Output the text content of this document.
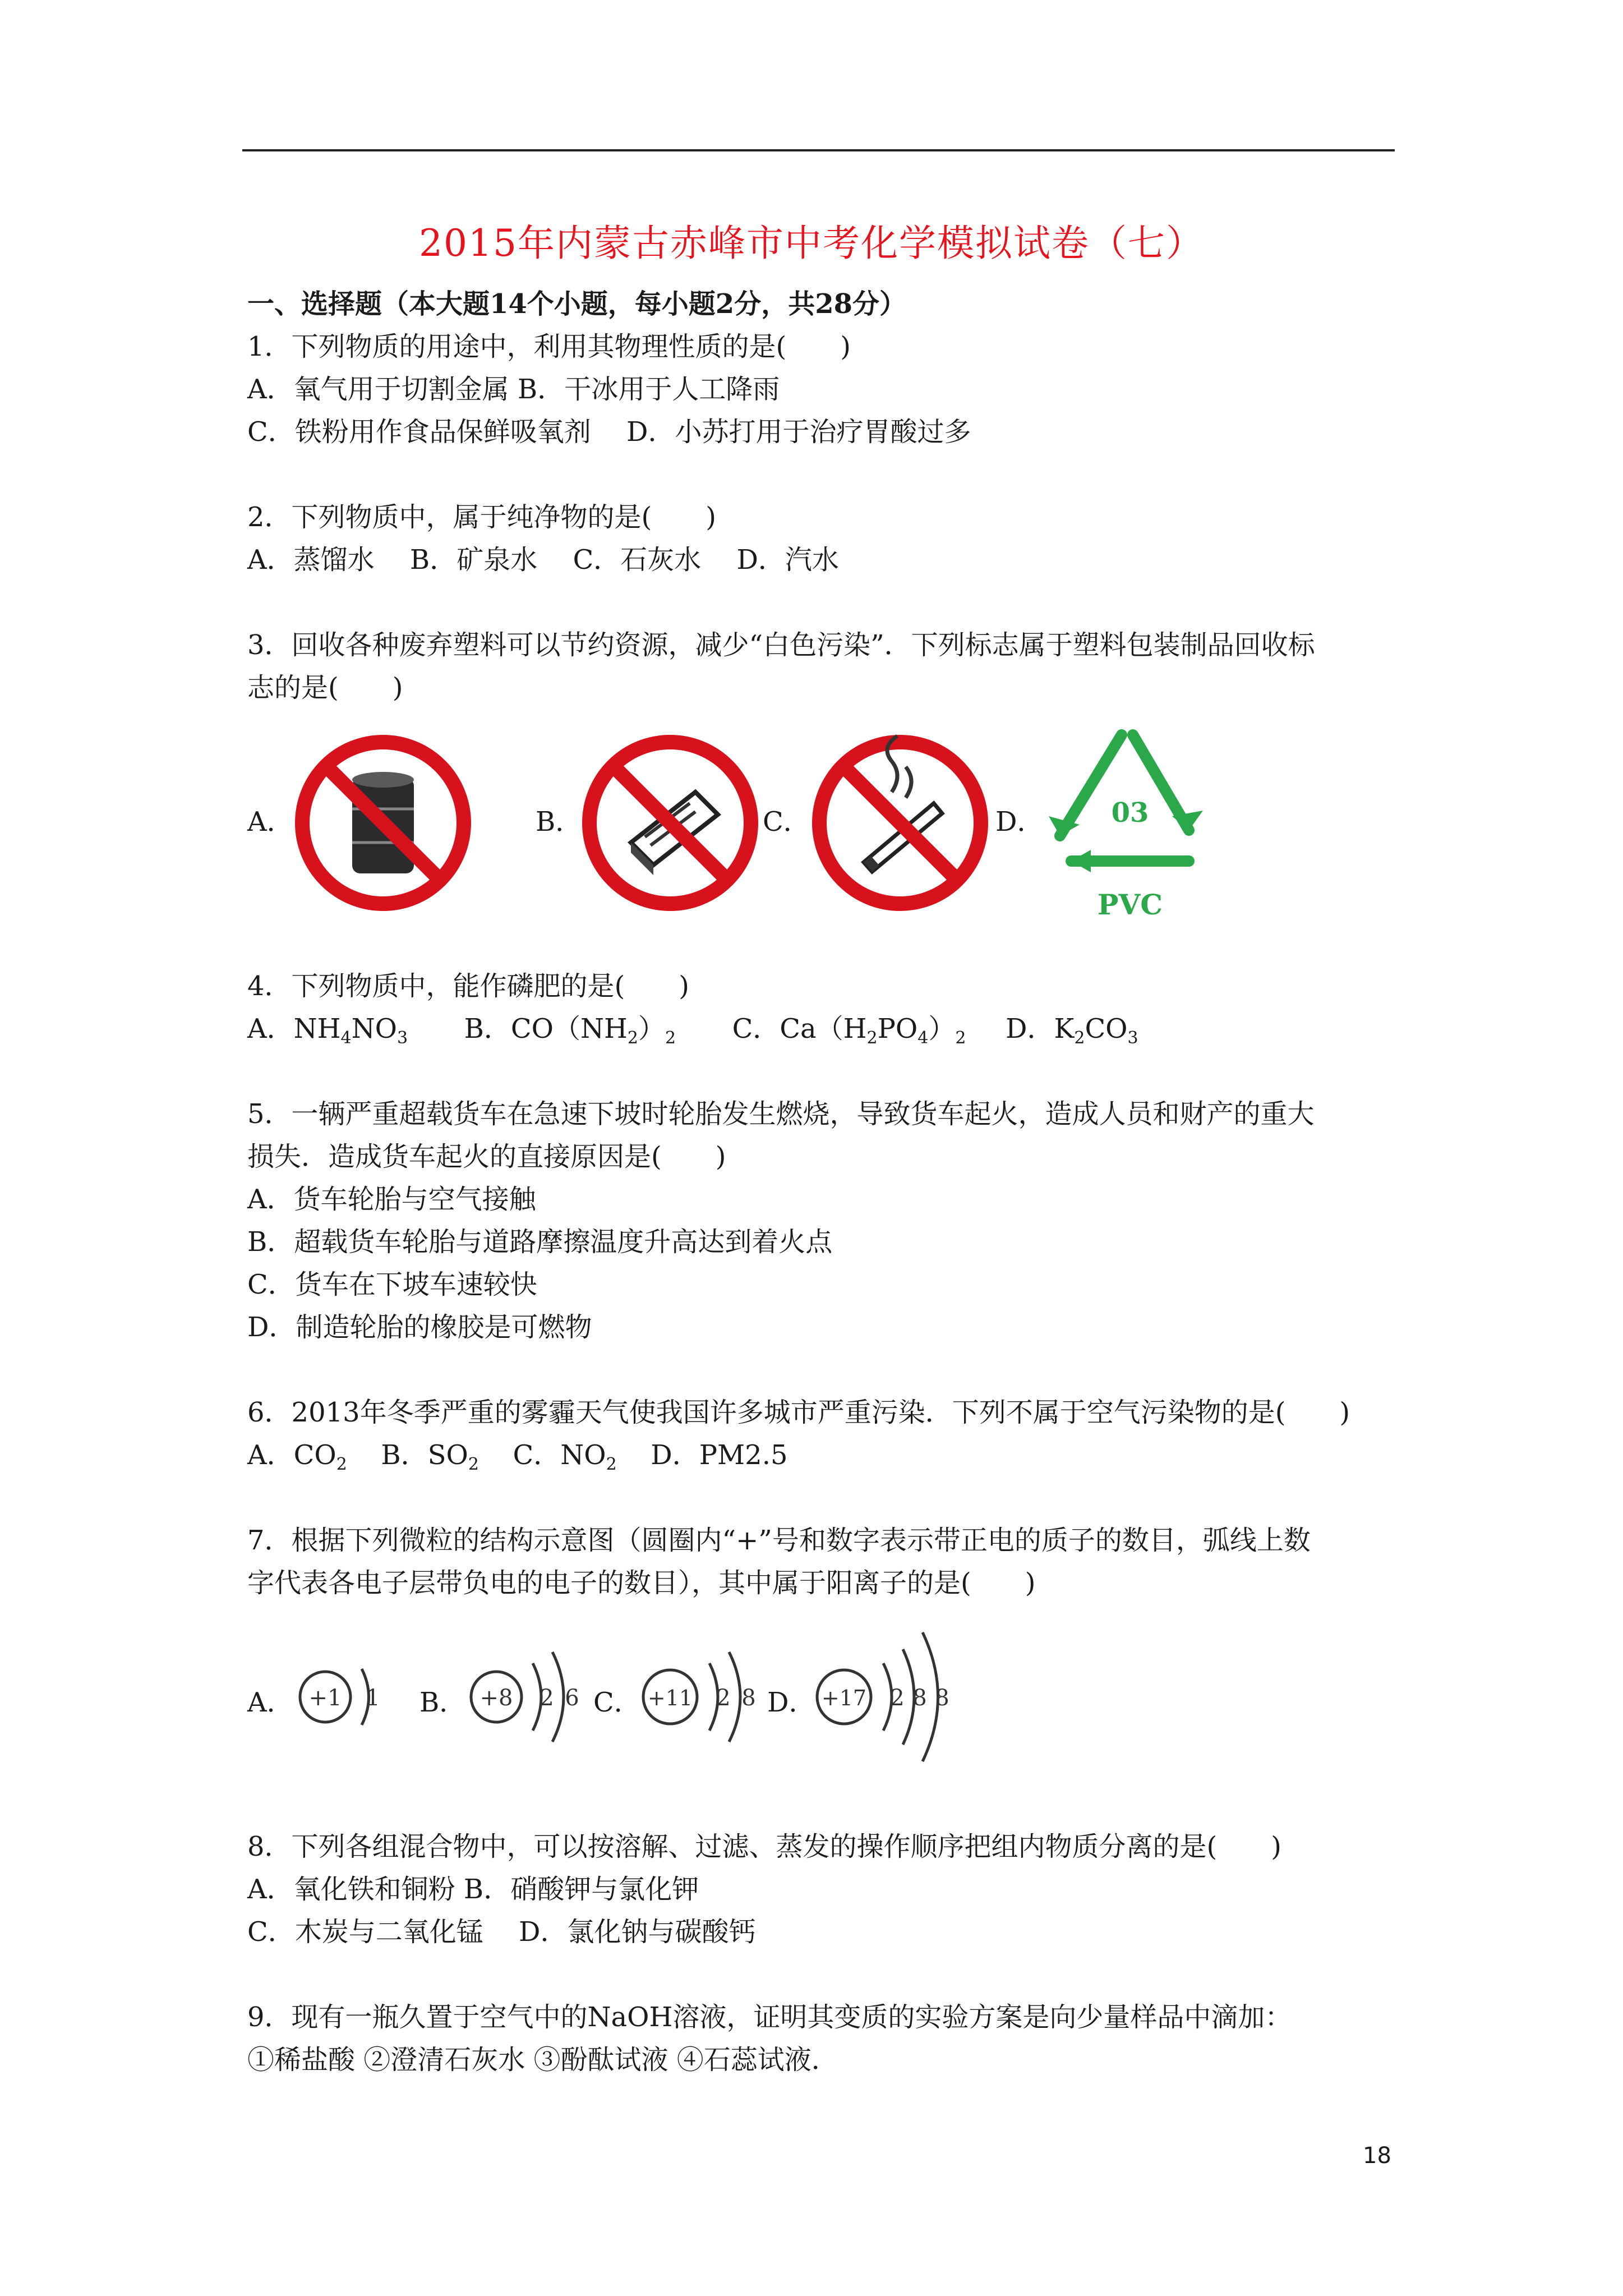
2015年内蒙古赤峰市中考化学模拟试卷（七）
一、选择题（本大题14个小题，每小题2分，共28分）
1．下列物质的用途中，利用其物理性质的是(　　)
A．氧气用于切割金属 B．干冰用于人工降雨
C．铁粉用作食品保鲜吸氧剂　 D．小苏打用于治疗胃酸过多
2．下列物质中，属于纯净物的是(　　)
A．蒸馏水　 B．矿泉水　 C．石灰水　 D．汽水
3．回收各种废弃塑料可以节约资源，减少“白色污染”．下列标志属于塑料包装制品回收标
志的是(　　)
A．	B．	C．	D．	03
PVC
4．下列物质中，能作磷肥的是(　　)
A．$NH_4NO_3$ B．$CO(NH_2)_2$ C．$Ca(H_2PO_4)_2$ D．$K_2CO_3$
5．一辆严重超载货车在急速下坡时轮胎发生燃烧，导致货车起火，造成人员和财产的重大
损失．造成货车起火的直接原因是(　　)
A．货车轮胎与空气接触
B．超载货车轮胎与道路摩擦温度升高达到着火点
C．货车在下坡车速较快
D．制造轮胎的橡胶是可燃物
6．2013年冬季严重的雾霾天气使我国许多城市严重污染．下列不属于空气污染物的是(　　)
A．$CO_2$ B．$SO_2$ C．$NO_2$ D．PM2.5
7．根据下列微粒的结构示意图（圆圈内“+”号和数字表示带正电的质子的数目，弧线上数
字代表各电子层带负电的电子的数目），其中属于阳离子的是(　　)
A． +1 1 B． +8 2 6 C． +11 2 8 D． +17 2 8 8
8．下列各组混合物中，可以按溶解、过滤、蒸发的操作顺序把组内物质分离的是(　　)
A．氧化铁和铜粉 B．硝酸钾与氯化钾
C．木炭与二氧化锰　 D．氯化钠与碳酸钙
9．现有一瓶久置于空气中的NaOH溶液，证明其变质的实验方案是向少量样品中滴加：
①稀盐酸 ②澄清石灰水 ③酚酞试液 ④石蕊试液．
18
